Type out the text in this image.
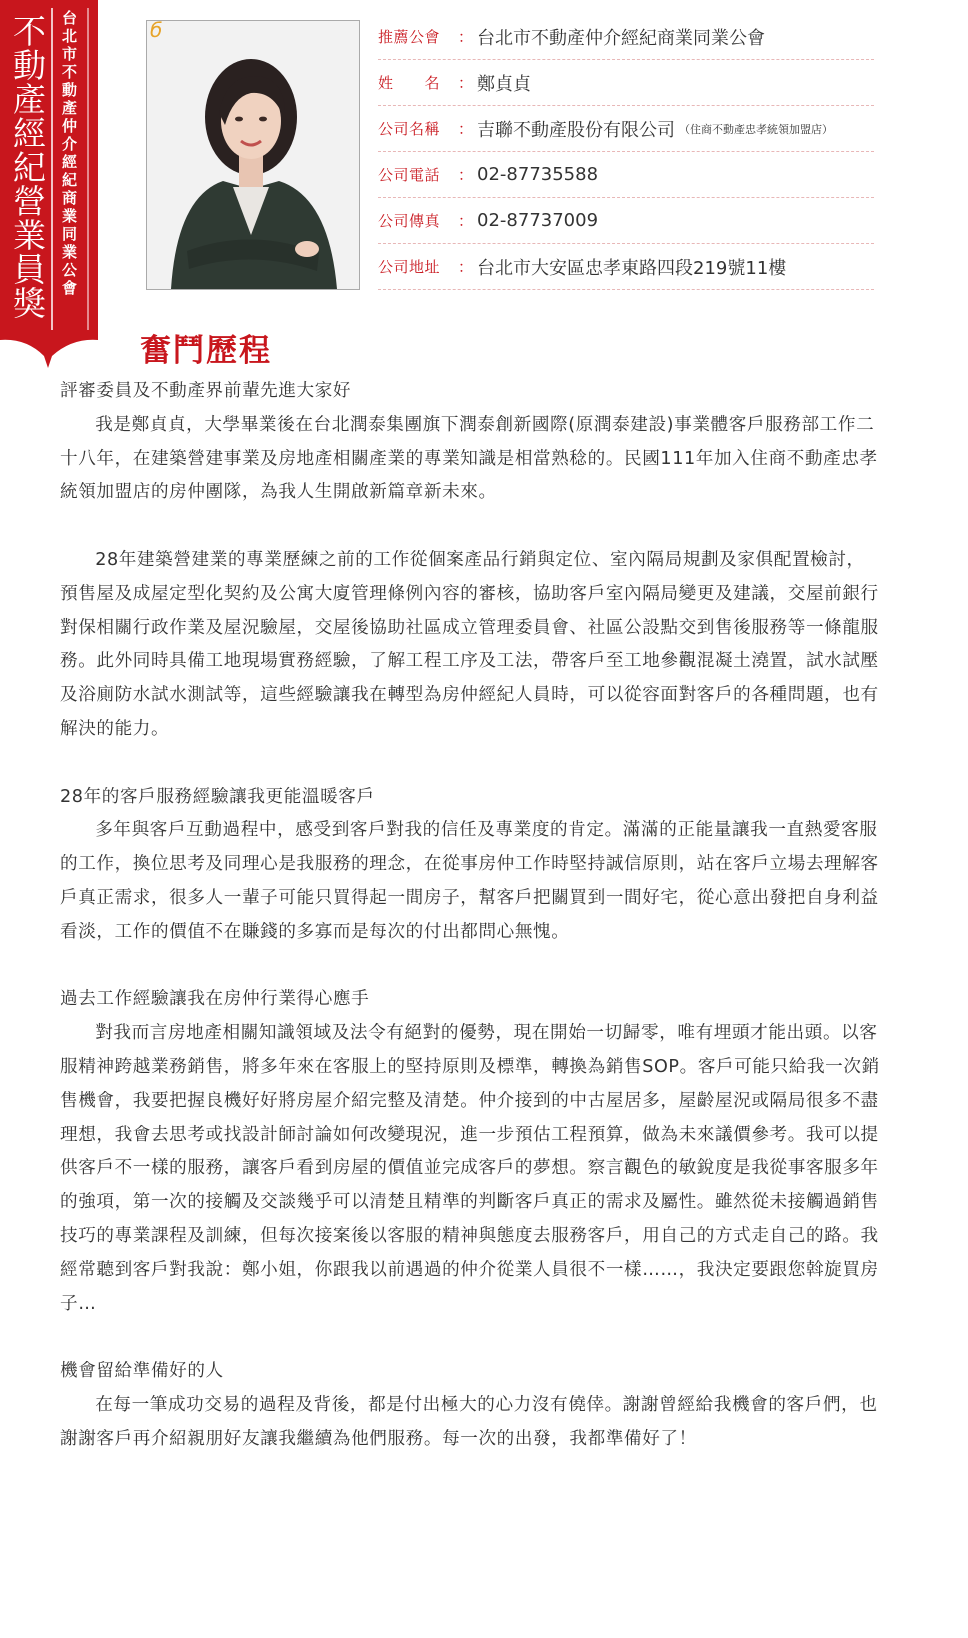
不動產經紀營業員獎 台北市不動產仲介經紀商業同業公會	б	推薦公會	： 台北市不動產仲介經紀商業同業公會
姓　　名	： 鄭貞貞
公司名稱	： 吉聯不動產股份有限公司 （住商不動產忠孝統領加盟店）
公司電話	： 02-87735588
公司傳真	： 02-87737009
公司地址	： 台北市大安區忠孝東路四段219號11樓
奮鬥歷程

評審委員及不動產界前輩先進大家好

我是鄭貞貞，大學畢業後在台北潤泰集團旗下潤泰創新國際(原潤泰建設)事業體客戶服務部工作二十八年，在建築營建事業及房地產相關產業的專業知識是相當熟稔的。民國111年加入住商不動產忠孝統領加盟店的房仲團隊，為我人生開啟新篇章新未來。

28年建築營建業的專業歷練之前的工作從個案產品行銷與定位、室內隔局規劃及家俱配置檢討，預售屋及成屋定型化契約及公寓大廈管理條例內容的審核，協助客戶室內隔局變更及建議，交屋前銀行對保相關行政作業及屋況驗屋，交屋後協助社區成立管理委員會、社區公設點交到售後服務等一條龍服務。此外同時具備工地現場實務經驗，了解工程工序及工法，帶客戶至工地參觀混凝土澆置，試水試壓及浴廁防水試水測試等，這些經驗讓我在轉型為房仲經紀人員時，可以從容面對客戶的各種問題，也有解決的能力。

28年的客戶服務經驗讓我更能溫暖客戶

多年與客戶互動過程中，感受到客戶對我的信任及專業度的肯定。滿滿的正能量讓我一直熱愛客服的工作，換位思考及同理心是我服務的理念，在從事房仲工作時堅持誠信原則，站在客戶立場去理解客戶真正需求，很多人一輩子可能只買得起一間房子，幫客戶把關買到一間好宅，從心意出發把自身利益看淡，工作的價值不在賺錢的多寡而是每次的付出都問心無愧。

過去工作經驗讓我在房仲行業得心應手

對我而言房地產相關知識領域及法令有絕對的優勢，現在開始一切歸零，唯有埋頭才能出頭。以客服精神跨越業務銷售，將多年來在客服上的堅持原則及標準，轉換為銷售SOP。客戶可能只給我一次銷售機會，我要把握良機好好將房屋介紹完整及清楚。仲介接到的中古屋居多，屋齡屋況或隔局很多不盡理想，我會去思考或找設計師討論如何改變現況，進一步預估工程預算，做為未來議價參考。我可以提供客戶不一樣的服務，讓客戶看到房屋的價值並完成客戶的夢想。察言觀色的敏銳度是我從事客服多年的強項，第一次的接觸及交談幾乎可以清楚且精準的判斷客戶真正的需求及屬性。雖然從未接觸過銷售技巧的專業課程及訓練，但每次接案後以客服的精神與態度去服務客戶，用自己的方式走自己的路。我經常聽到客戶對我說：鄭小姐，你跟我以前遇過的仲介從業人員很不一樣……，我決定要跟您斡旋買房子…

機會留給準備好的人

在每一筆成功交易的過程及背後，都是付出極大的心力沒有僥倖。謝謝曾經給我機會的客戶們，也謝謝客戶再介紹親朋好友讓我繼續為他們服務。每一次的出發，我都準備好了！
